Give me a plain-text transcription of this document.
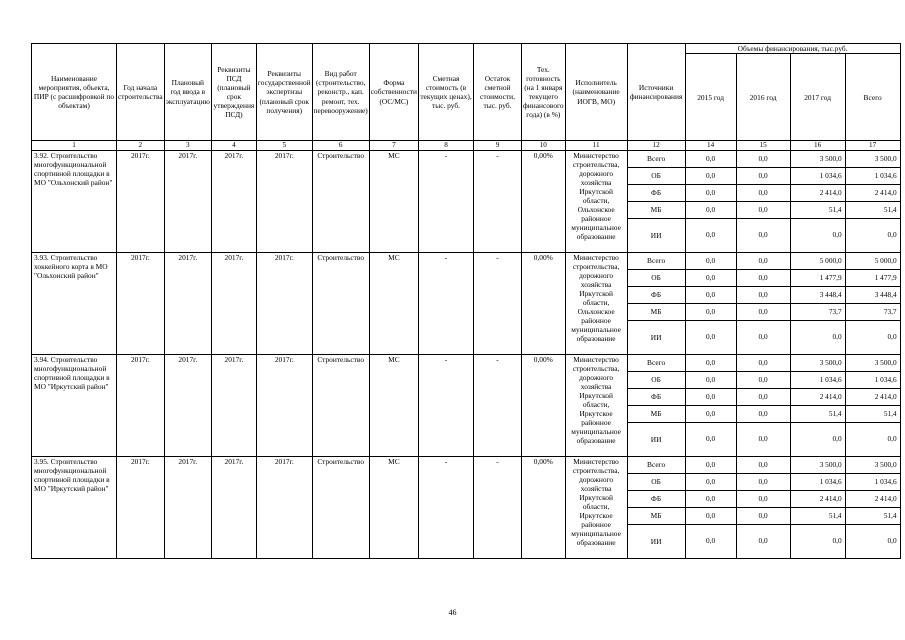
Наименование мероприятия, объекта, ПИР (с расшифровкой по объектам)	Год начала строительства	Плановый год ввода в эксплуатацию	Реквизиты ПСД (плановый срок утверждения ПСД)	Реквизиты государственной экспертизы (плановый срок получения)	Вид работ (строительство, реконстр., кап. ремонт, тех. перевооружение)	Форма собственности (ОС/МС)	Сметная стоимость (в текущих ценах), тыс. руб.	Остаток сметной стоимости, тыс. руб.	Тех. готовность (на 1 января текущего финансового года) (в %)	Исполнитель (наименование ИОГВ, МО)	Источники финансирования	Объемы финансирования, тыс.руб.			
												2015 год	2016 год	2017 год	Всего
1	2	3	4	5	6	7	8	9	10	11	12	14	15	16	17
3.92. Строительство многофункциональной спортивной площадки в МО "Ольхонский район"	2017г.	2017г.	2017г.	2017г.	Строительство	МС	-	-	0,00%	Министерство строительства, дорожного хозяйства Иркутской области, Ольхонское районное муниципальное образование	Всего	0,0	0,0	3 500,0	3 500,0
											ОБ	0,0	0,0	1 034,6	1 034,6
											ФБ	0,0	0,0	2 414,0	2 414,0
											МБ	0,0	0,0	51,4	51,4
											ИИ	0,0	0,0	0,0	0,0
3.93. Строительство хоккейного корта в МО "Ольхонский район"	2017г.	2017г.	2017г.	2017г.	Строительство	МС	-	-	0,00%	Министерство строительства, дорожного хозяйства Иркутской области, Ольхонское районное муниципальное образование	Всего	0,0	0,0	5 000,0	5 000,0
											ОБ	0,0	0,0	1 477,9	1 477,9
											ФБ	0,0	0,0	3 448,4	3 448,4
											МБ	0,0	0,0	73,7	73,7
											ИИ	0,0	0,0	0,0	0,0
3.94. Строительство многофункциональной спортивной площадки в МО "Иркутский район"	2017г.	2017г.	2017г.	2017г.	Строительство	МС	-	-	0,00%	Министерство строительства, дорожного хозяйства Иркутской области, Иркутское районное муниципальное образование	Всего	0,0	0,0	3 500,0	3 500,0
											ОБ	0,0	0,0	1 034,6	1 034,6
											ФБ	0,0	0,0	2 414,0	2 414,0
											МБ	0,0	0,0	51,4	51,4
											ИИ	0,0	0,0	0,0	0,0
3.95. Строительство многофункциональной спортивной площадки в МО "Иркутский район"	2017г.	2017г.	2017г.	2017г.	Строительство	МС	-	-	0,00%	Министерство строительства, дорожного хозяйства Иркутской области, Иркутское районное муниципальное образование	Всего	0,0	0,0	3 500,0	3 500,0
											ОБ	0,0	0,0	1 034,6	1 034,6
											ФБ	0,0	0,0	2 414,0	2 414,0
											МБ	0,0	0,0	51,4	51,4
											ИИ	0,0	0,0	0,0	0,0
46
